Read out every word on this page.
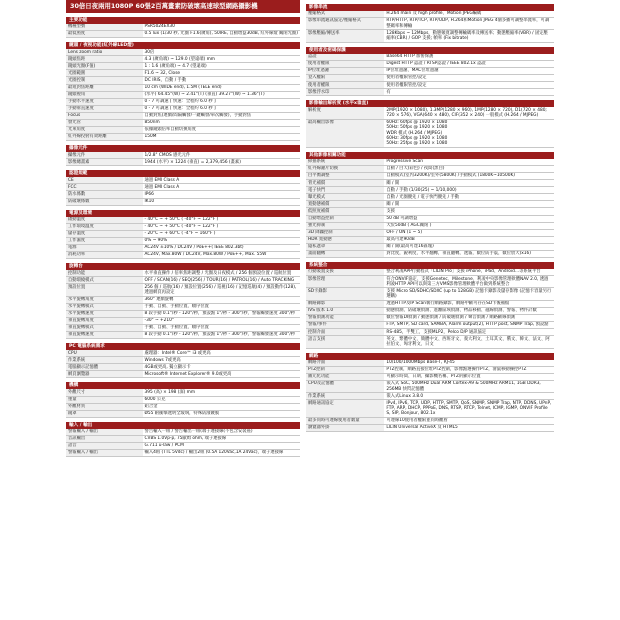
30倍日夜兩用1080P 60張2百萬畫素防破壞高速球型網路攝影機
主要功能
機種型號	PSR5024EX30
最低照度	0.5 lux (1/30 秒, 光圈 F1.6(廣角), 50IRE, 自動增益30dB, 紅外線燈 關閉光圈)
鏡頭 / 夜視功能(紅外線LED燈)
Lens zoom ratio	30倍
鏡頭焦距	4.3 (廣角端) ~ 129.0 (望遠端) mm
鏡頭光圈(F值)	1 : 1.6 (廣角端) ~ 4.7 (望遠端)
光圈範圍	F1.6 ~ 32, Close
光圈控制	DC IRIS，自動 / 手動
最短對焦距離	10 cm (WIDE end), 1.5M (TELE end)
鏡頭視角	(水平) 64.45°(W) ~ 2.41°(T) (垂直) 39.27°(W) ~ 1.36°(T)
手動水平速度	0 - 7 可調速 [ 快速：全程約 6.0 秒 ]
手動垂直速度	0 - 7 可調速 [ 快速：全程約 6.0 秒 ]
Focus	自動對焦(連續/間隔觸發/一鍵觸發/單次觸發)，手動對焦
發光管	850nm
光束角度	依據鏡頭倍率自動切換角度
紅外線投射有效距離	150M
攝像元件
攝像元件	1/2.8" CMOS 感光元件
影像總畫素	1944 (水平) × 1224 (垂直) = 2,379,456 (畫素)
認證規範
CE	通過 EMI Class A
FCC	通過 EMI Class A
防水係數	IP66
防破壞係數	IK10
電源及環境
啟動溫度	- 40°C ~ + 50°C ( -40°F ~ 122°F )
工作環境溫度	- 40°C ~ + 50°C ( -40°F ~ 122°F )
儲存溫度	- 20°C ~ + 60°C ( -4°F ~ 160°F )
工作濕度	0% ~ 90%
電源	AC24V ±10% / DC24V / PoE++( IEEE 802.3bt)
消耗功率	AC24V, Max.80W / DC24V, Max.80W / PoE++, Max. 55W
旋轉台
控制功能	水平垂直操作 / 倍率焦距調整 / 光圈及日夜模式 / 256 個預設位置 / 巡航位置
自動環繞模式	OFF / SCAN(16) / SEQ(256) / TOUR(16) / PATROL(16) / Auto TRACKING
預設位置	256 個 / 巡航(16) / 預設位置(256) / 巡視(16) / 記憶巡航(4) / 預設動作(128), 透過網頁再設定
水平旋轉角度	360° 連續旋轉
水平旋轉模式	手動、自動、手動位置、順序位置
水平旋轉速度	8 段手動 0.1°/秒 - 120°/秒，預設點 1°/秒 - 300°/秒，警報觸發速度 300°/秒
垂直旋轉角度	-30° ~ +210°
垂直旋轉模式	手動、自動、手動位置、順序位置
垂直旋轉速度	8 段手動 0.1°/秒 - 120°/秒，預設點 1°/秒 - 300°/秒，警報觸發速度 300°/秒
PC 電腦系統需求
CPU	處理器：Intel® Core™ i3 或更高
作業系統	Windows 7或更高
電腦顯示記憶體	4GB或更高, 獨立顯示卡
網頁瀏覽器	Microsoft® Internet Explorer® 9.0或更高
機構
外觀尺寸	395 (高) × 198 (深) mm
重量	6000 公克
外觀材質	鋁合金
鏡罩	Ø55 耐衝擊透明全玻璃，特殊防潑鍍膜
輸入 / 輸出
警報輸入 / 輸出	警告輸入一組 / 警告輸出一組(端子連接線(不包含安裝座)
音訊輸出	CVBS 1.0Vp-p, 75歐姆 ohm, 端子連接線
語音	G.711 u-law / PCM
警報輸入 / 輸出	輸入4組 (TTL 5Vdc) / 輸出2組 (0.5A 120Vac,1A 24Vac)，端子連接線
影像串流
壓縮格式	H.264 main 及 high profile、Motion JPEG編碼
影像串流通訊協定/壓縮格式	RTP/HTTP, RTP/TCP, RTP/UDP, H.264和Motion JPEG 4個多播可調整串流率，可調整碼率和傳輸
影像壓縮/傳送率	128Kbps ~ 12Mbps，動態頻寬調整傳輸碼率及傳送率；動態壓縮率(VBR) / 固定壓縮率(CBR) / GOP 支援; 幀率 (Fix bitrate)
使用者及密碼保護
認證	Base64 HTTP 加密保護
使用者權限	Digest HTTP 認證 / RTSP認證 / IEEE 802.1x 認證
IP位址過濾	IP位址過濾、MAC位址過濾
登入權限	使用者權限管控/設定
使用者權限	使用者權限管控/設定
影像浮水印	有
影像輸出解析度 (水平x垂直)
解析度	2MP(1920 × 1080), 1.3MP(1280 × 960), 1MP(1280 × 720), D1(720 × 480; 720 × 576), VGA(640 × 480), CIF(352 × 240) 一般模式 (H.264 / MJPEG)
最高輸出影像	60Hz: 60fps @ 1920 × 1080
50Hz: 50fps @ 1920 × 1080
WDR 模式 (H.264 / MJPEG)
60Hz: 30fps @ 1920 × 1080
50Hz: 25fps @ 1920 × 1080
其他影像相關功能
掃描系統	Progressive Scan
紅外線濾片切換	自動 / 白天(彩色) / 夜間(黑白)
白平衡調整	自動模式(室內3200K)/室外(5800K) /手動模式 (1800K~10500K)
背光補償	關 / 開
電子快門	自動 / 手動 (1/30(25) ~ 1/10,000)
曝光模式	自動 / 光圈優先 / 電子快門優先 / 手動
寬動態補償	關 / 開
低照度補償	支援
自動增益控制	50 dB 可調增益
強光抑制	大於50dB ( AGC關閉 )
3D 降躁控制	OFF / ON (1 ~ 5)
HDR 寬動態	最高可達90dB
隱私遮罩	關 / 開(最高可達16區塊)
畫面翻轉	對比度，銳利度，水平翻轉，垂直翻轉，透霧，數位防手震，數位放大(x16)
系統整合
行動裝置支援	整合利凌APP行動程式「LILIN Pro」支援 iPhone、iPad、Android…等系統平台
影像管理	符合ONVIF協定、支援Genetec、Milestone、利凌中央影像管理軟體NAV 2.0, 透過利凌HTTP API可以與第三方VMS影像管理軟體平台做到系統整合
SD卡錄影	支援 Micro SD/SDHC/SDXC (up to 128GB) 記憶卡錄影及儲存影像 (記憶卡容量另行選購)
網路錄影	透過HTTP及IP Scan執行網路錄影，網路中斷可存在SD卡後補檔
IVS 版本 1.0	動態偵測、防破壞偵測、進離區域偵測、物品移動、越線偵測、警報、物件計數
警報偵測功能	數位警報DI偵測 / 動態偵測 / 防破壞偵測 / 聲音偵測 / 網路斷線偵測
警報/事件	FTP, SMTP, SD card, SAMBA, Alarm output(2), HTTP post, SNMP Trap, 預設點
控制介面	RS-485，半雙工，支援MLP2，Pelco D/P 通訊協定
語言支援	英文、繁體中文、簡體中文、西班牙文、義大利文、土耳其文、俄文、韓文、法文、阿拉伯文、匈牙利文、日文
網路
網路介面	10/100/1000Mbps Base-T, RJ-45
PTZ控制	PTZ控制，網路直接位址PTZ控制，影像點選操作PTZ，滑鼠移動操控PTZ
圖元化功能	可顯示時間、日期、攝影機名稱、PTZ的顯示位置
CPU及記憶體	嵌入式 SoC, 500MHz Dual ARM Cortex-A9 & 500MHz ARM11, 1GB DDR3, 256MB 快閃記憶體
作業系統	嵌入式Linux 3.8.0
網路通訊協定	IPv4, IPv6, TCP, UDP, HTTP, SMTP, QoS, SNMP, SNMP Trap, NTP, DDNS, UPnP, FTP, ARP, DHCP, PPPoE, DNS, RTSP, RTCP, Telnet, ICMP, IGMP, ONVIF Profile S, SIP, Bonjour, 802.1x
最多同時可連線使用者數量	可連線10使用者權限並同時觀看
瀏覽器外掛	LILIN Universal ActiveX 及 HTML5
